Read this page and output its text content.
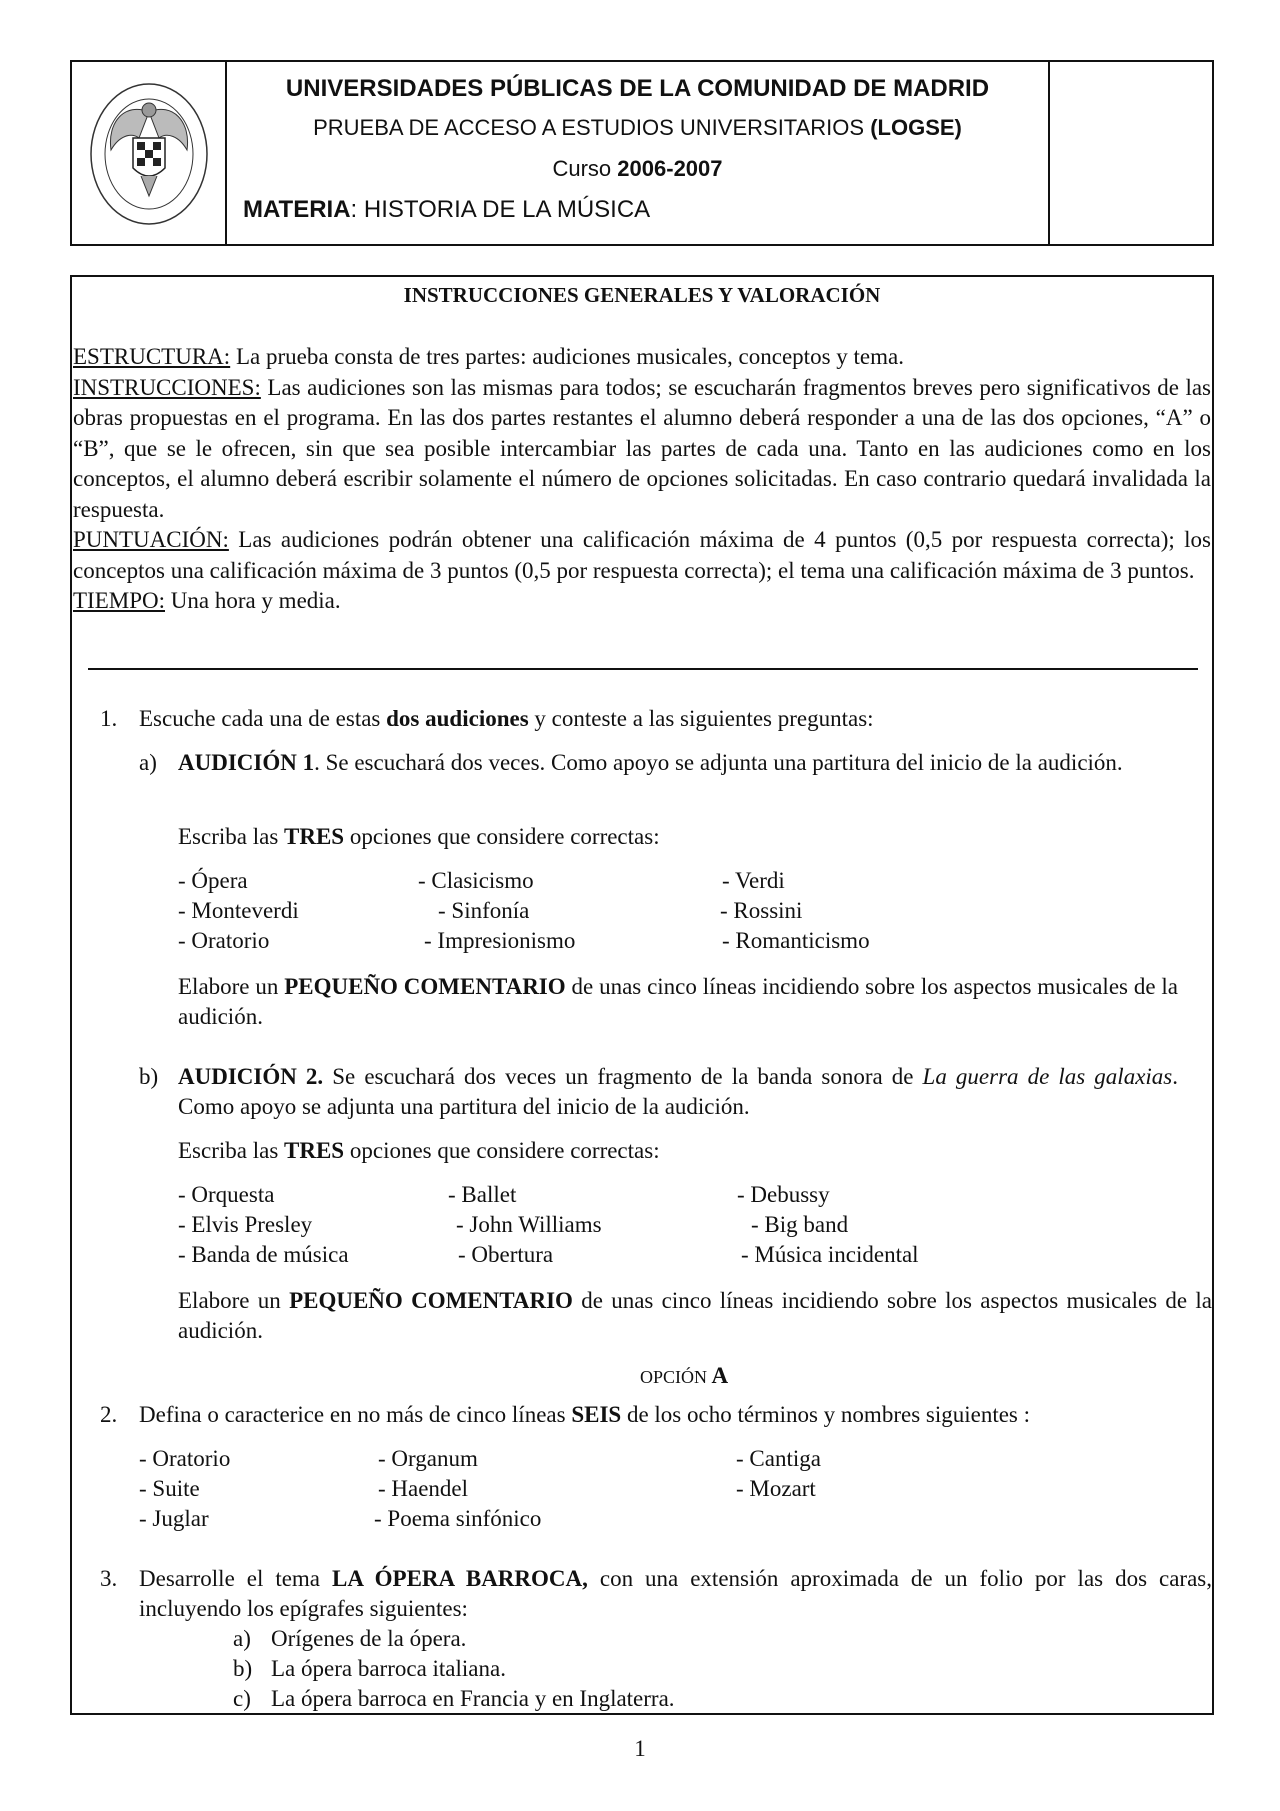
UNIVERSIDADES PÚBLICAS DE LA COMUNIDAD DE MADRID
PRUEBA DE ACCESO A ESTUDIOS UNIVERSITARIOS (LOGSE)
Curso 2006-2007
MATERIA: HISTORIA DE LA MÚSICA
INSTRUCCIONES GENERALES Y VALORACIÓN
ESTRUCTURA: La prueba consta de tres partes: audiciones musicales, conceptos y tema.
INSTRUCCIONES: Las audiciones son las mismas para todos; se escucharán fragmentos breves pero significativos de las obras propuestas en el programa. En las dos partes restantes el alumno deberá responder a una de las dos opciones, “A” o “B”, que se le ofrecen, sin que sea posible intercambiar las partes de cada una. Tanto en las audiciones como en los conceptos, el alumno deberá escribir solamente el número de opciones solicitadas. En caso contrario quedará invalidada la respuesta.
PUNTUACIÓN: Las audiciones podrán obtener una calificación máxima de 4 puntos (0,5 por respuesta correcta); los conceptos una calificación máxima de 3 puntos (0,5 por respuesta correcta); el tema una calificación máxima de 3 puntos.
TIEMPO: Una hora y media.
1. Escuche cada una de estas dos audiciones y conteste a las siguientes preguntas:
a) AUDICIÓN 1. Se escuchará dos veces. Como apoyo se adjunta una partitura del inicio de la audición.
Escriba las TRES opciones que considere correctas:
- Ópera
- Monteverdi
- Oratorio
- Clasicismo
- Sinfonía
- Impresionismo
- Verdi
- Rossini
- Romanticismo
Elabore un PEQUEÑO COMENTARIO de unas cinco líneas incidiendo sobre los aspectos musicales de la audición.
b) AUDICIÓN 2. Se escuchará dos veces un fragmento de la banda sonora de La guerra de las galaxias. Como apoyo se adjunta una partitura del inicio de la audición.
Escriba las TRES opciones que considere correctas:
- Orquesta
- Elvis Presley
- Banda de música
- Ballet
- John Williams
- Obertura
- Debussy
- Big band
- Música incidental
Elabore un PEQUEÑO COMENTARIO de unas cinco líneas incidiendo sobre los aspectos musicales de la audición.
OPCIÓN A
2. Defina o caracterice en no más de cinco líneas SEIS de los ocho términos y nombres siguientes :
- Oratorio
- Suite
- Juglar
- Organum
- Haendel
- Poema sinfónico
- Cantiga
- Mozart
3. Desarrolle el tema LA ÓPERA BARROCA, con una extensión aproximada de un folio por las dos caras, incluyendo los epígrafes siguientes:
a) Orígenes de la ópera.
b) La ópera barroca italiana.
c) La ópera barroca en Francia y en Inglaterra.
1
